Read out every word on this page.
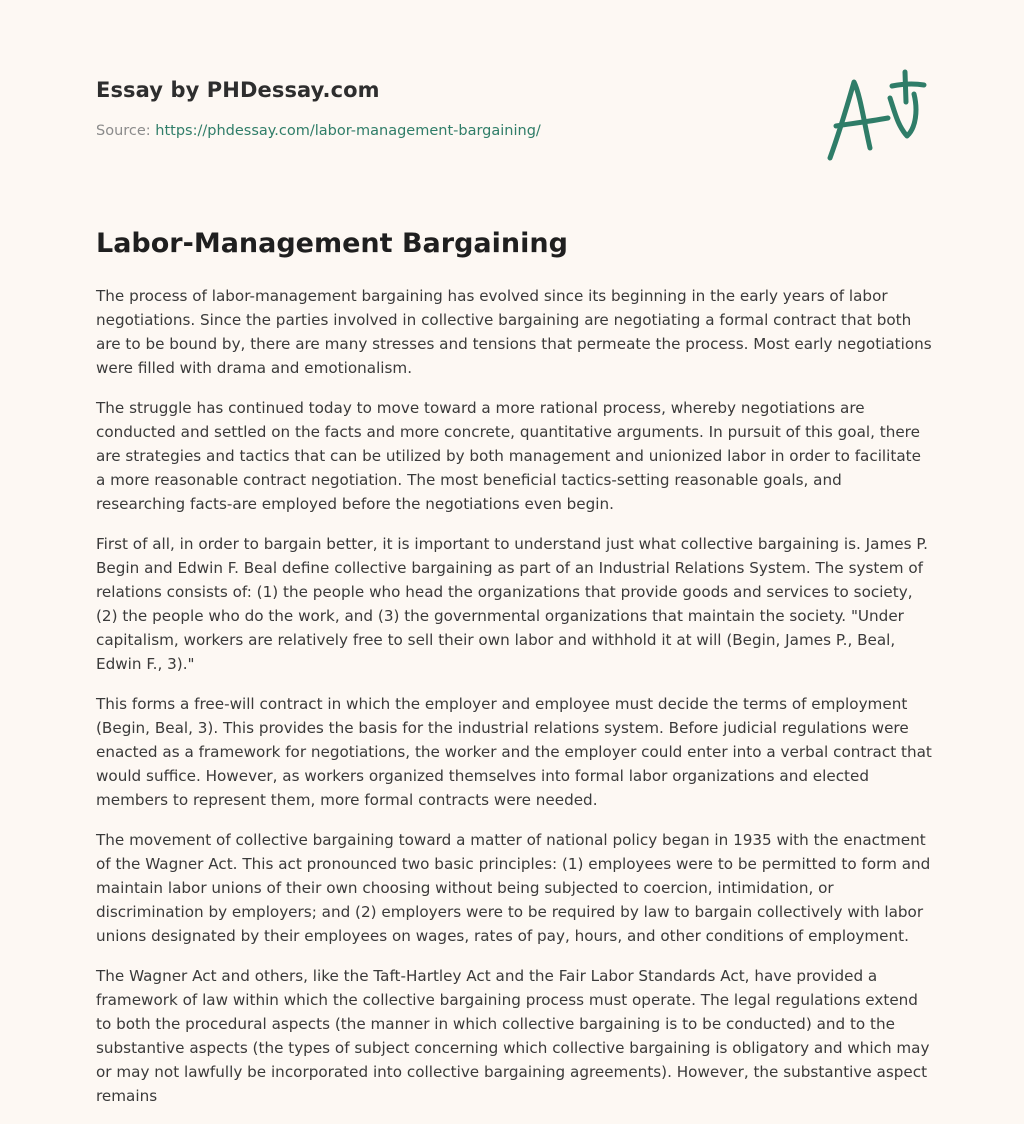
Essay by PHDessay.com
Source: https://phdessay.com/labor-management-bargaining/
Labor-Management Bargaining

The process of labor-management bargaining has evolved since its beginning in the early years of labor negotiations. Since the parties involved in collective bargaining are negotiating a formal contract that both are to be bound by, there are many stresses and tensions that permeate the process. Most early negotiations were filled with drama and emotionalism.

The struggle has continued today to move toward a more rational process, whereby negotiations are conducted and settled on the facts and more concrete, quantitative arguments. In pursuit of this goal, there are strategies and tactics that can be utilized by both management and unionized labor in order to facilitate a more reasonable contract negotiation. The most beneficial tactics-setting reasonable goals, and researching facts-are employed before the negotiations even begin.

First of all, in order to bargain better, it is important to understand just what collective bargaining is. James P. Begin and Edwin F. Beal define collective bargaining as part of an Industrial Relations System. The system of relations consists of: (1) the people who head the organizations that provide goods and services to society, (2) the people who do the work, and (3) the governmental organizations that maintain the society. "Under capitalism, workers are relatively free to sell their own labor and withhold it at will (Begin, James P., Beal, Edwin F., 3)."

This forms a free-will contract in which the employer and employee must decide the terms of employment (Begin, Beal, 3). This provides the basis for the industrial relations system. Before judicial regulations were enacted as a framework for negotiations, the worker and the employer could enter into a verbal contract that would suffice. However, as workers organized themselves into formal labor organizations and elected members to represent them, more formal contracts were needed.

The movement of collective bargaining toward a matter of national policy began in 1935 with the enactment of the Wagner Act. This act pronounced two basic principles: (1) employees were to be permitted to form and maintain labor unions of their own choosing without being subjected to coercion, intimidation, or discrimination by employers; and (2) employers were to be required by law to bargain collectively with labor unions designated by their employees on wages, rates of pay, hours, and other conditions of employment.

The Wagner Act and others, like the Taft-Hartley Act and the Fair Labor Standards Act, have provided a framework of law within which the collective bargaining process must operate. The legal regulations extend to both the procedural aspects (the manner in which collective bargaining is to be conducted) and to the substantive aspects (the types of subject concerning which collective bargaining is obligatory and which may or may not lawfully be incorporated into collective bargaining agreements). However, the substantive aspect remains
